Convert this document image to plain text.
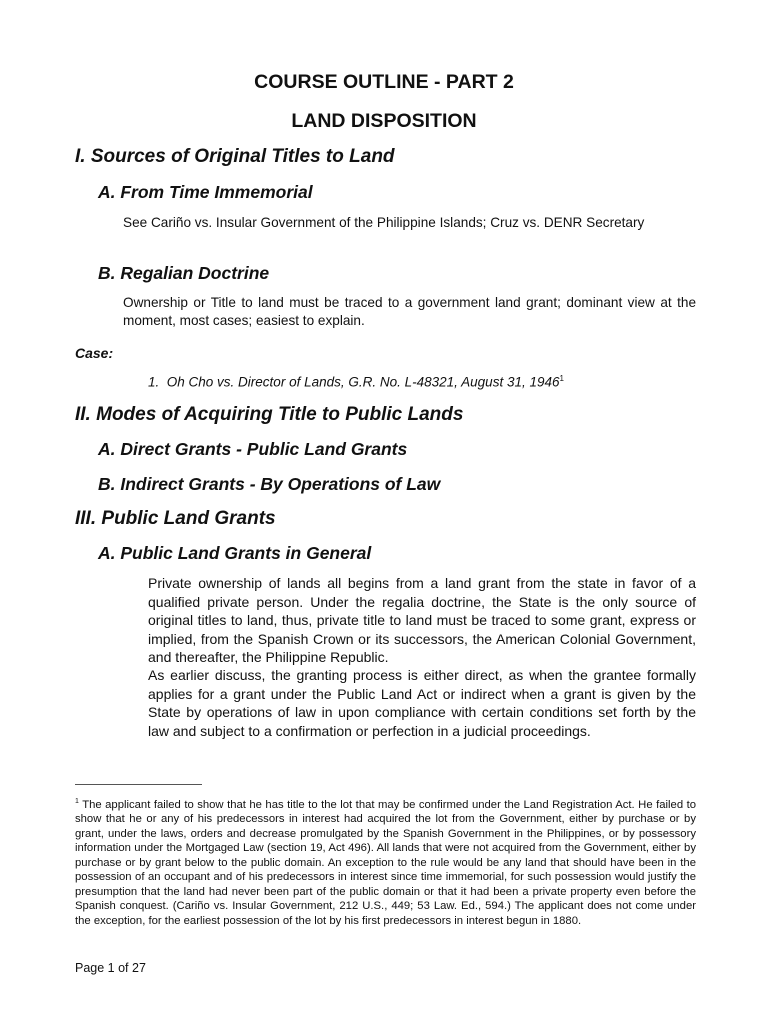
COURSE OUTLINE - PART 2
LAND DISPOSITION
I. Sources of Original Titles to Land
A. From Time Immemorial
See Cariño vs. Insular Government of the Philippine Islands; Cruz vs. DENR Secretary
B. Regalian Doctrine
Ownership or Title to land must be traced to a government land grant; dominant view at the moment, most cases; easiest to explain.
Case:
1. Oh Cho vs. Director of Lands, G.R. No. L-48321, August 31, 1946$^1$
II. Modes of Acquiring Title to Public Lands
A. Direct Grants - Public Land Grants
B. Indirect Grants - By Operations of Law
III. Public Land Grants
A. Public Land Grants in General
Private ownership of lands all begins from a land grant from the state in favor of a qualified private person. Under the regalia doctrine, the State is the only source of original titles to land, thus, private title to land must be traced to some grant, express or implied, from the Spanish Crown or its successors, the American Colonial Government, and thereafter, the Philippine Republic.
As earlier discuss, the granting process is either direct, as when the grantee formally applies for a grant under the Public Land Act or indirect when a grant is given by the State by operations of law in upon compliance with certain conditions set forth by the law and subject to a confirmation or perfection in a judicial proceedings.
$^1$ The applicant failed to show that he has title to the lot that may be confirmed under the Land Registration Act. He failed to show that he or any of his predecessors in interest had acquired the lot from the Government, either by purchase or by grant, under the laws, orders and decrease promulgated by the Spanish Government in the Philippines, or by possessory information under the Mortgaged Law (section 19, Act 496). All lands that were not acquired from the Government, either by purchase or by grant below to the public domain. An exception to the rule would be any land that should have been in the possession of an occupant and of his predecessors in interest since time immemorial, for such possession would justify the presumption that the land had never been part of the public domain or that it had been a private property even before the Spanish conquest. (Cariño vs. Insular Government, 212 U.S., 449; 53 Law. Ed., 594.) The applicant does not come under the exception, for the earliest possession of the lot by his first predecessors in interest begun in 1880.
Page 1 of 27
